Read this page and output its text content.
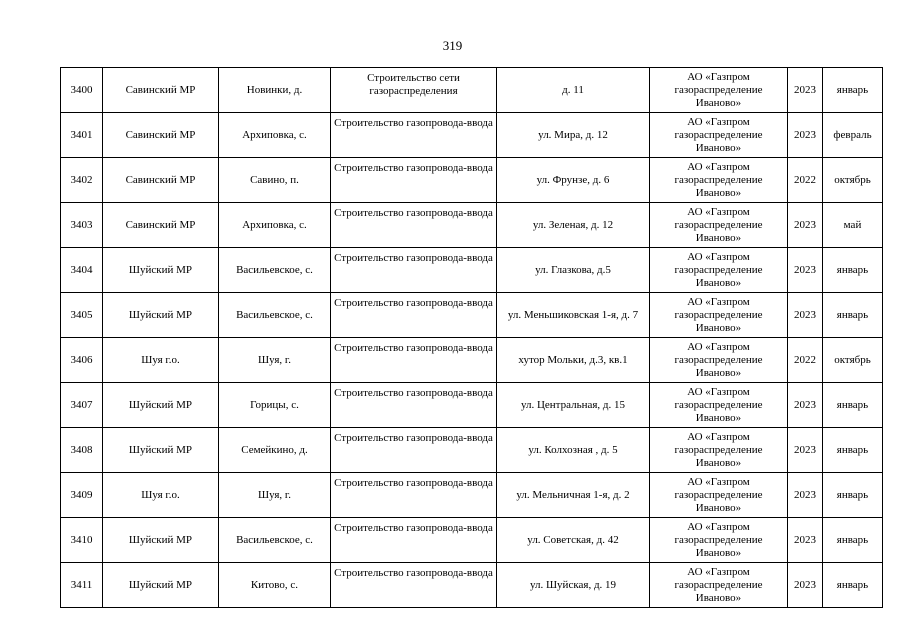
319
3400	Савинский МР	Новинки, д.	Строительство сети газораспределения	д. 11	АО «Газпром газораспределение Иваново»	2023	январь
3401	Савинский МР	Архиповка, с.	Строительство газопровода-ввода	ул. Мира, д. 12	АО «Газпром газораспределение Иваново»	2023	февраль
3402	Савинский МР	Савино, п.	Строительство газопровода-ввода	ул. Фрунзе, д. 6	АО «Газпром газораспределение Иваново»	2022	октябрь
3403	Савинский МР	Архиповка, с.	Строительство газопровода-ввода	ул. Зеленая, д. 12	АО «Газпром газораспределение Иваново»	2023	май
3404	Шуйский МР	Васильевское, с.	Строительство газопровода-ввода	ул. Глазкова, д.5	АО «Газпром газораспределение Иваново»	2023	январь
3405	Шуйский МР	Васильевское, с.	Строительство газопровода-ввода	ул. Меньшиковская 1-я, д. 7	АО «Газпром газораспределение Иваново»	2023	январь
3406	Шуя г.о.	Шуя, г.	Строительство газопровода-ввода	хутор Мольки, д.3, кв.1	АО «Газпром газораспределение Иваново»	2022	октябрь
3407	Шуйский МР	Горицы, с.	Строительство газопровода-ввода	ул. Центральная, д. 15	АО «Газпром газораспределение Иваново»	2023	январь
3408	Шуйский МР	Семейкино, д.	Строительство газопровода-ввода	ул. Колхозная , д. 5	АО «Газпром газораспределение Иваново»	2023	январь
3409	Шуя г.о.	Шуя, г.	Строительство газопровода-ввода	ул. Мельничная 1-я, д. 2	АО «Газпром газораспределение Иваново»	2023	январь
3410	Шуйский МР	Васильевское, с.	Строительство газопровода-ввода	ул. Советская, д. 42	АО «Газпром газораспределение Иваново»	2023	январь
3411	Шуйский МР	Китово, с.	Строительство газопровода-ввода	ул. Шуйская, д. 19	АО «Газпром газораспределение Иваново»	2023	январь
